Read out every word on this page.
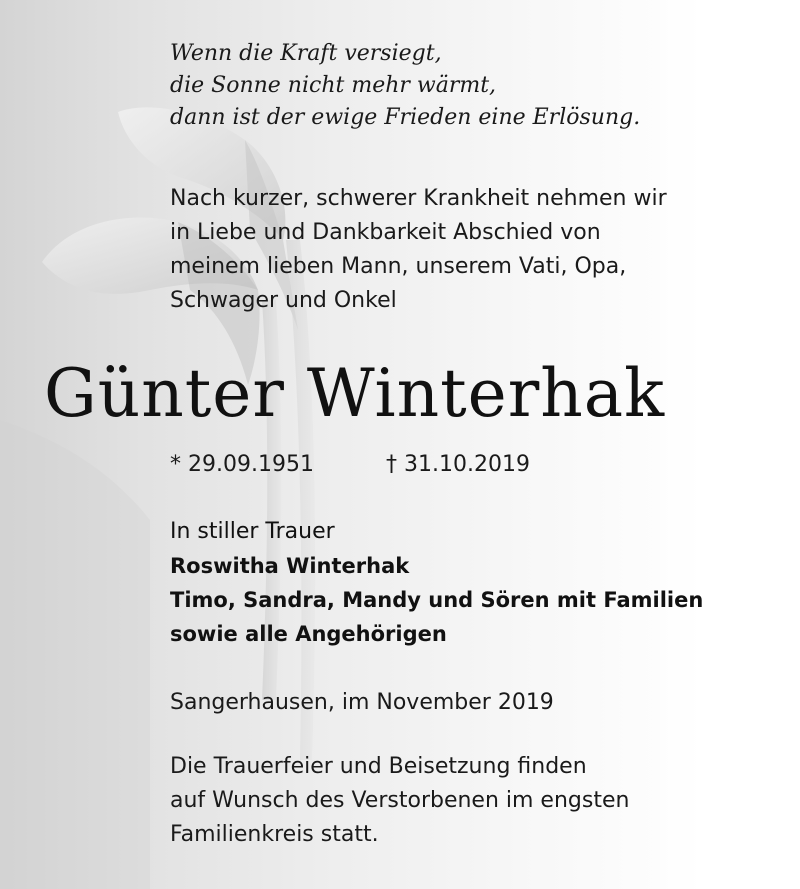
Wenn die Kraft versiegt,
die Sonne nicht mehr wärmt,
dann ist der ewige Frieden eine Erlösung.
Nach kurzer, schwerer Krankheit nehmen wir
in Liebe und Dankbarkeit Abschied von
meinem lieben Mann, unserem Vati, Opa,
Schwager und Onkel
Günter Winterhak
* 29.09.1951	† 31.10.2019
In stiller Trauer
Roswitha Winterhak
Timo, Sandra, Mandy und Sören mit Familien
sowie alle Angehörigen
Sangerhausen, im November 2019
Die Trauerfeier und Beisetzung finden
auf Wunsch des Verstorbenen im engsten
Familienkreis statt.
